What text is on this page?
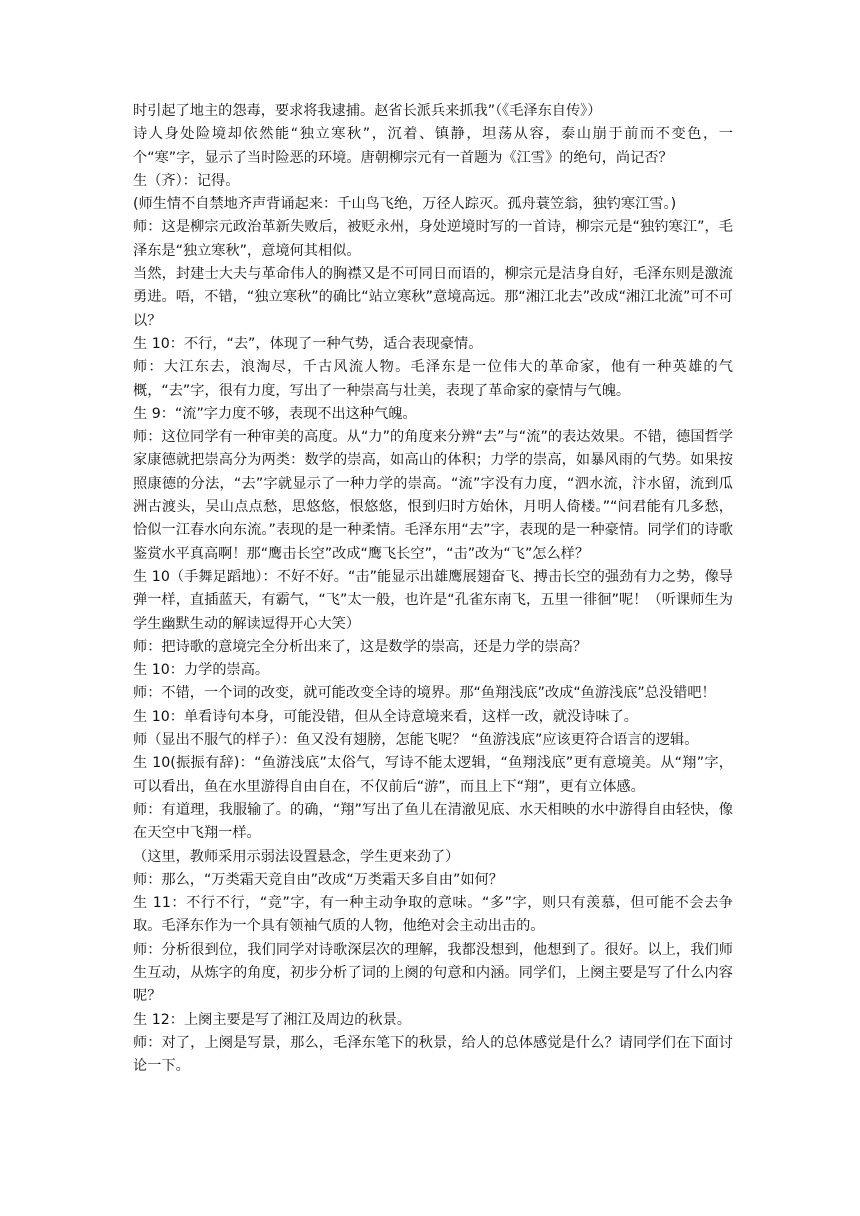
时引起了地主的怨毒，要求将我逮捕。赵省长派兵来抓我”（《毛泽东自传》）

诗人身处险境却依然能“独立寒秋”，沉着、镇静，坦荡从容，泰山崩于前而不变色，一个“寒”字，显示了当时险恶的环境。唐朝柳宗元有一首题为《江雪》的绝句，尚记否？

生（齐）：记得。

(师生情不自禁地齐声背诵起来：千山鸟飞绝，万径人踪灭。孤舟蓑笠翁，独钓寒江雪。)

师：这是柳宗元政治革新失败后，被贬永州，身处逆境时写的一首诗，柳宗元是“独钓寒江”，毛泽东是“独立寒秋”，意境何其相似。

当然，封建士大夫与革命伟人的胸襟又是不可同日而语的，柳宗元是洁身自好，毛泽东则是激流勇进。唔，不错，“独立寒秋”的确比“站立寒秋”意境高远。那“湘江北去”改成“湘江北流”可不可以？

生 10：不行，“去”，体现了一种气势，适合表现豪情。

师：大江东去，浪淘尽，千古风流人物。毛泽东是一位伟大的革命家，他有一种英雄的气概，“去”字，很有力度，写出了一种崇高与壮美，表现了革命家的豪情与气魄。

生 9：“流”字力度不够，表现不出这种气魄。

师：这位同学有一种审美的高度。从“力”的角度来分辨“去”与“流”的表达效果。不错，德国哲学家康德就把崇高分为两类：数学的崇高，如高山的体积；力学的崇高，如暴风雨的气势。如果按照康德的分法，“去”字就显示了一种力学的崇高。“流”字没有力度，“泗水流，汴水留，流到瓜洲古渡头，吴山点点愁，思悠悠，恨悠悠，恨到归时方始休，月明人倚楼。”“问君能有几多愁，恰似一江春水向东流。”表现的是一种柔情。毛泽东用“去”字，表现的是一种豪情。同学们的诗歌鉴赏水平真高啊！那“鹰击长空”改成“鹰飞长空”，“击”改为“飞”怎么样？

生 10（手舞足蹈地）：不好不好。“击”能显示出雄鹰展翅奋飞、搏击长空的强劲有力之势，像导弹一样，直插蓝天，有霸气，“飞”太一般，也许是“孔雀东南飞，五里一徘徊”呢！（听课师生为学生幽默生动的解读逗得开心大笑）

师：把诗歌的意境完全分析出来了，这是数学的崇高，还是力学的崇高？

生 10：力学的崇高。

师：不错，一个词的改变，就可能改变全诗的境界。那“鱼翔浅底”改成“鱼游浅底”总没错吧！

生 10：单看诗句本身，可能没错，但从全诗意境来看，这样一改，就没诗味了。

师（显出不服气的样子）：鱼又没有翅膀，怎能飞呢？ “鱼游浅底”应该更符合语言的逻辑。

生 10(振振有辞)：“鱼游浅底”太俗气，写诗不能太逻辑，“鱼翔浅底”更有意境美。从“翔”字，可以看出，鱼在水里游得自由自在，不仅前后“游”，而且上下“翔”，更有立体感。

师：有道理，我服输了。的确，“翔”写出了鱼儿在清澈见底、水天相映的水中游得自由轻快，像在天空中飞翔一样。

（这里，教师采用示弱法设置悬念，学生更来劲了）

师：那么，“万类霜天竞自由”改成“万类霜天多自由”如何？

生 11：不行不行，“竞”字，有一种主动争取的意味。“多”字，则只有羡慕，但可能不会去争取。毛泽东作为一个具有领袖气质的人物，他绝对会主动出击的。

师：分析很到位，我们同学对诗歌深层次的理解，我都没想到，他想到了。很好。以上，我们师生互动，从炼字的角度，初步分析了词的上阕的句意和内涵。同学们，上阕主要是写了什么内容呢？

生 12：上阕主要是写了湘江及周边的秋景。

师：对了，上阕是写景，那么，毛泽东笔下的秋景，给人的总体感觉是什么？请同学们在下面讨论一下。
